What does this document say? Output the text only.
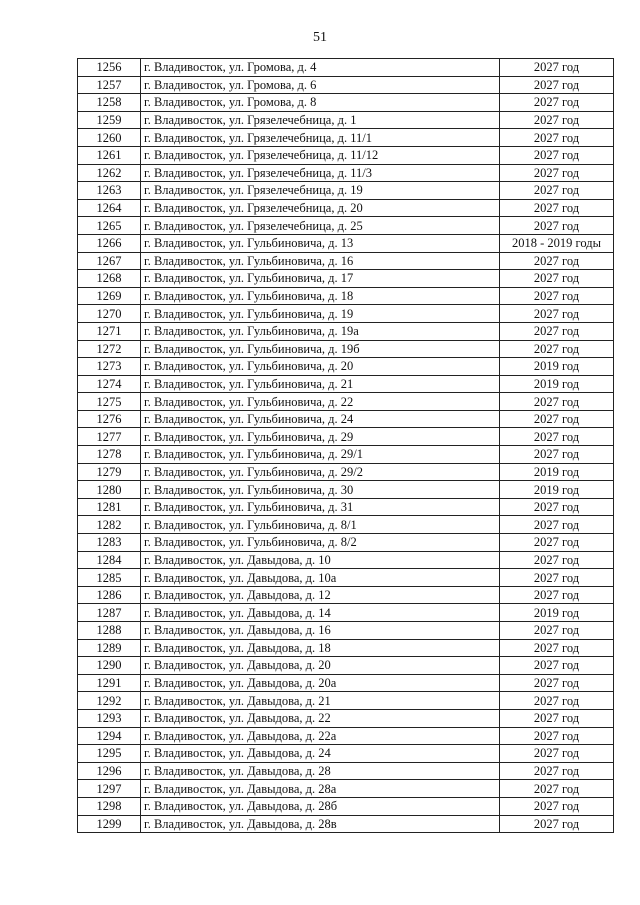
51
1256	г. Владивосток, ул. Громова, д. 4	2027 год
1257	г. Владивосток, ул. Громова, д. 6	2027 год
1258	г. Владивосток, ул. Громова, д. 8	2027 год
1259	г. Владивосток, ул. Грязелечебница, д. 1	2027 год
1260	г. Владивосток, ул. Грязелечебница, д. 11/1	2027 год
1261	г. Владивосток, ул. Грязелечебница, д. 11/12	2027 год
1262	г. Владивосток, ул. Грязелечебница, д. 11/3	2027 год
1263	г. Владивосток, ул. Грязелечебница, д. 19	2027 год
1264	г. Владивосток, ул. Грязелечебница, д. 20	2027 год
1265	г. Владивосток, ул. Грязелечебница, д. 25	2027 год
1266	г. Владивосток, ул. Гульбиновича, д. 13	2018 - 2019 годы
1267	г. Владивосток, ул. Гульбиновича, д. 16	2027 год
1268	г. Владивосток, ул. Гульбиновича, д. 17	2027 год
1269	г. Владивосток, ул. Гульбиновича, д. 18	2027 год
1270	г. Владивосток, ул. Гульбиновича, д. 19	2027 год
1271	г. Владивосток, ул. Гульбиновича, д. 19а	2027 год
1272	г. Владивосток, ул. Гульбиновича, д. 19б	2027 год
1273	г. Владивосток, ул. Гульбиновича, д. 20	2019 год
1274	г. Владивосток, ул. Гульбиновича, д. 21	2019 год
1275	г. Владивосток, ул. Гульбиновича, д. 22	2027 год
1276	г. Владивосток, ул. Гульбиновича, д. 24	2027 год
1277	г. Владивосток, ул. Гульбиновича, д. 29	2027 год
1278	г. Владивосток, ул. Гульбиновича, д. 29/1	2027 год
1279	г. Владивосток, ул. Гульбиновича, д. 29/2	2019 год
1280	г. Владивосток, ул. Гульбиновича, д. 30	2019 год
1281	г. Владивосток, ул. Гульбиновича, д. 31	2027 год
1282	г. Владивосток, ул. Гульбиновича, д. 8/1	2027 год
1283	г. Владивосток, ул. Гульбиновича, д. 8/2	2027 год
1284	г. Владивосток, ул. Давыдова, д. 10	2027 год
1285	г. Владивосток, ул. Давыдова, д. 10а	2027 год
1286	г. Владивосток, ул. Давыдова, д. 12	2027 год
1287	г. Владивосток, ул. Давыдова, д. 14	2019 год
1288	г. Владивосток, ул. Давыдова, д. 16	2027 год
1289	г. Владивосток, ул. Давыдова, д. 18	2027 год
1290	г. Владивосток, ул. Давыдова, д. 20	2027 год
1291	г. Владивосток, ул. Давыдова, д. 20а	2027 год
1292	г. Владивосток, ул. Давыдова, д. 21	2027 год
1293	г. Владивосток, ул. Давыдова, д. 22	2027 год
1294	г. Владивосток, ул. Давыдова, д. 22а	2027 год
1295	г. Владивосток, ул. Давыдова, д. 24	2027 год
1296	г. Владивосток, ул. Давыдова, д. 28	2027 год
1297	г. Владивосток, ул. Давыдова, д. 28а	2027 год
1298	г. Владивосток, ул. Давыдова, д. 28б	2027 год
1299	г. Владивосток, ул. Давыдова, д. 28в	2027 год
